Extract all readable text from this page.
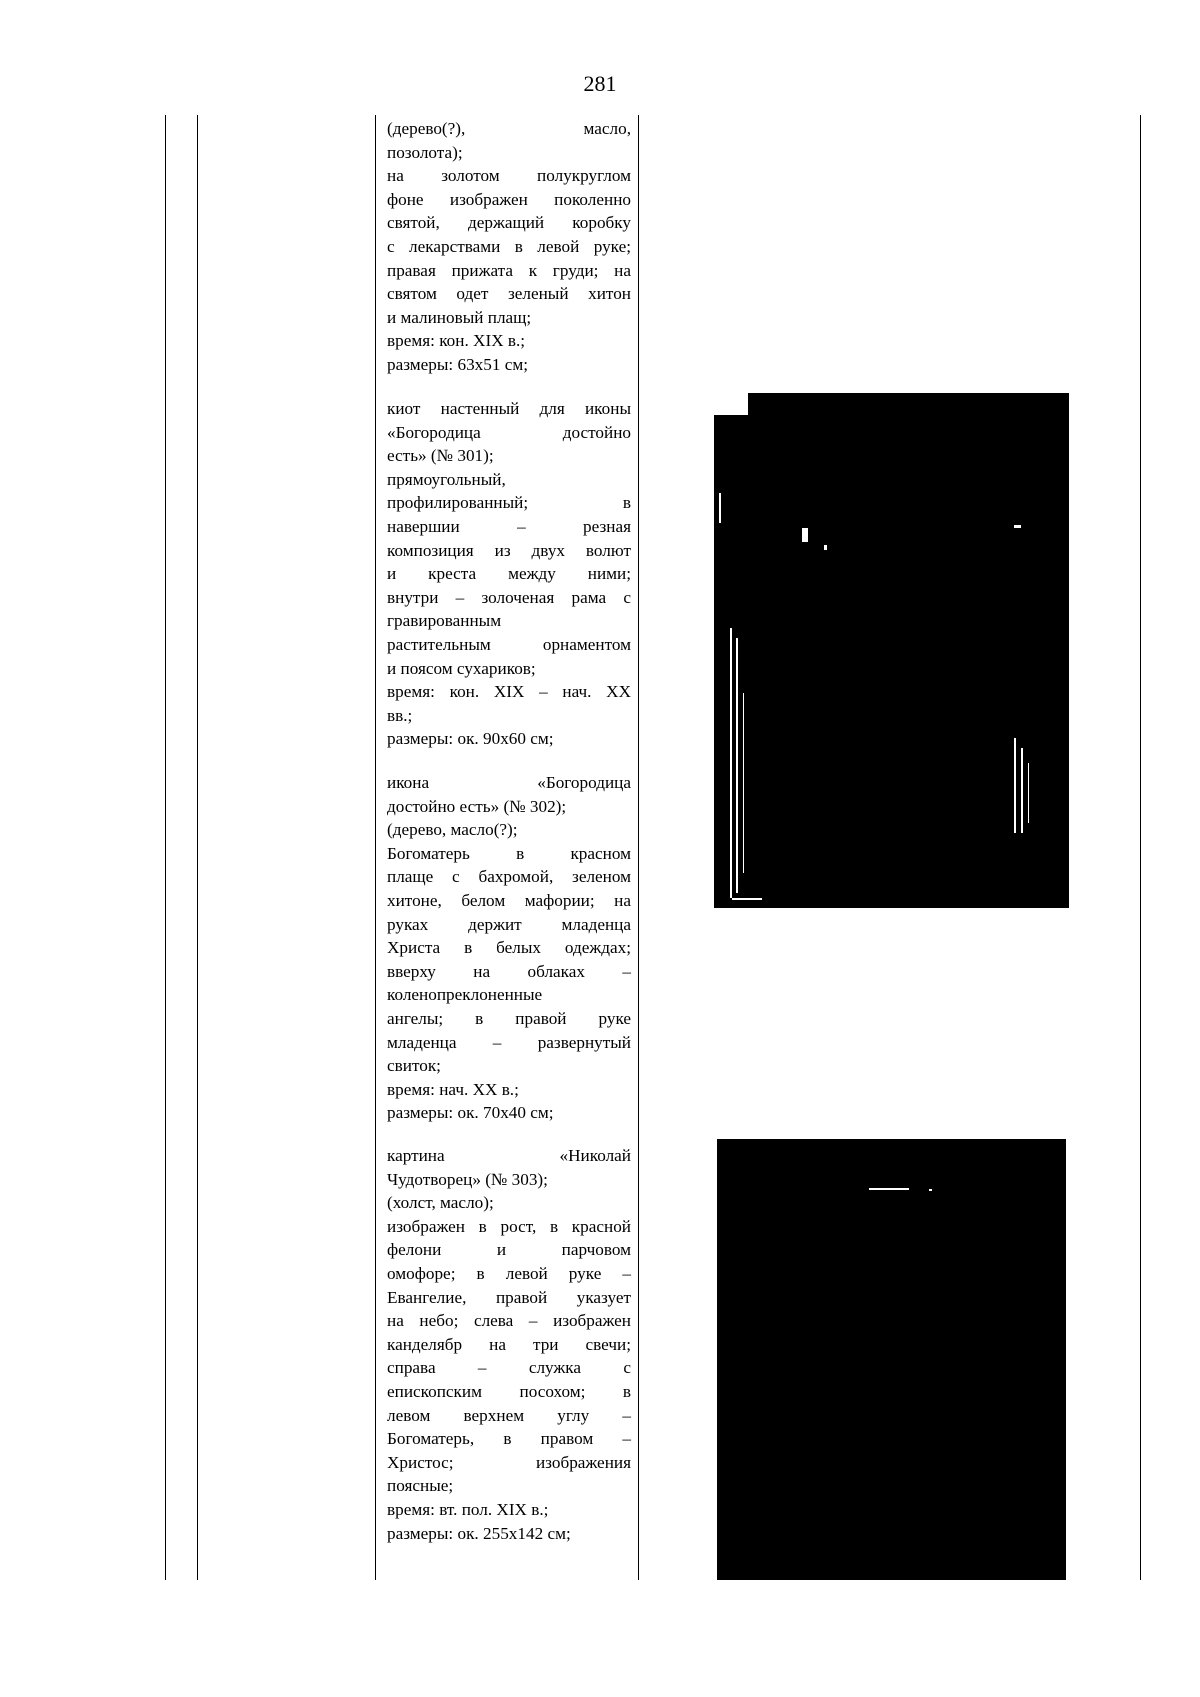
281

(дерево(?), масло,

позолота);

на золотом полукруглом

фоне изображен поколенно

святой, держащий коробку

с лекарствами в левой руке;

правая прижата к груди; на

святом одет зеленый хитон

и малиновый плащ;

время: кон. XIX в.;

размеры: 63х51 см;

киот настенный для иконы

«Богородица достойно

есть» (№ 301);

прямоугольный,

профилированный; в

навершии – резная

композиция из двух волют

и креста между ними;

внутри – золоченая рама с

гравированным

растительным орнаментом

и поясом сухариков;

время: кон. XIX – нач. XX

вв.;

размеры: ок. 90х60 см;

икона «Богородица

достойно есть» (№ 302);

(дерево, масло(?);

Богоматерь в красном

плаще с бахромой, зеленом

хитоне, белом мафории; на

руках держит младенца

Христа в белых одеждах;

вверху на облаках –

коленопреклоненные

ангелы; в правой руке

младенца – развернутый

свиток;

время: нач. XX в.;

размеры: ок. 70х40 см;

картина «Николай

Чудотворец» (№ 303);

(холст, масло);

изображен в рост, в красной

фелони и парчовом

омофоре; в левой руке –

Евангелие, правой указует

на небо; слева – изображен

канделябр на три свечи;

справа – служка с

епископским посохом; в

левом верхнем углу –

Богоматерь, в правом –

Христос; изображения

поясные;

время: вт. пол. XIX в.;

размеры: ок. 255х142 см;
